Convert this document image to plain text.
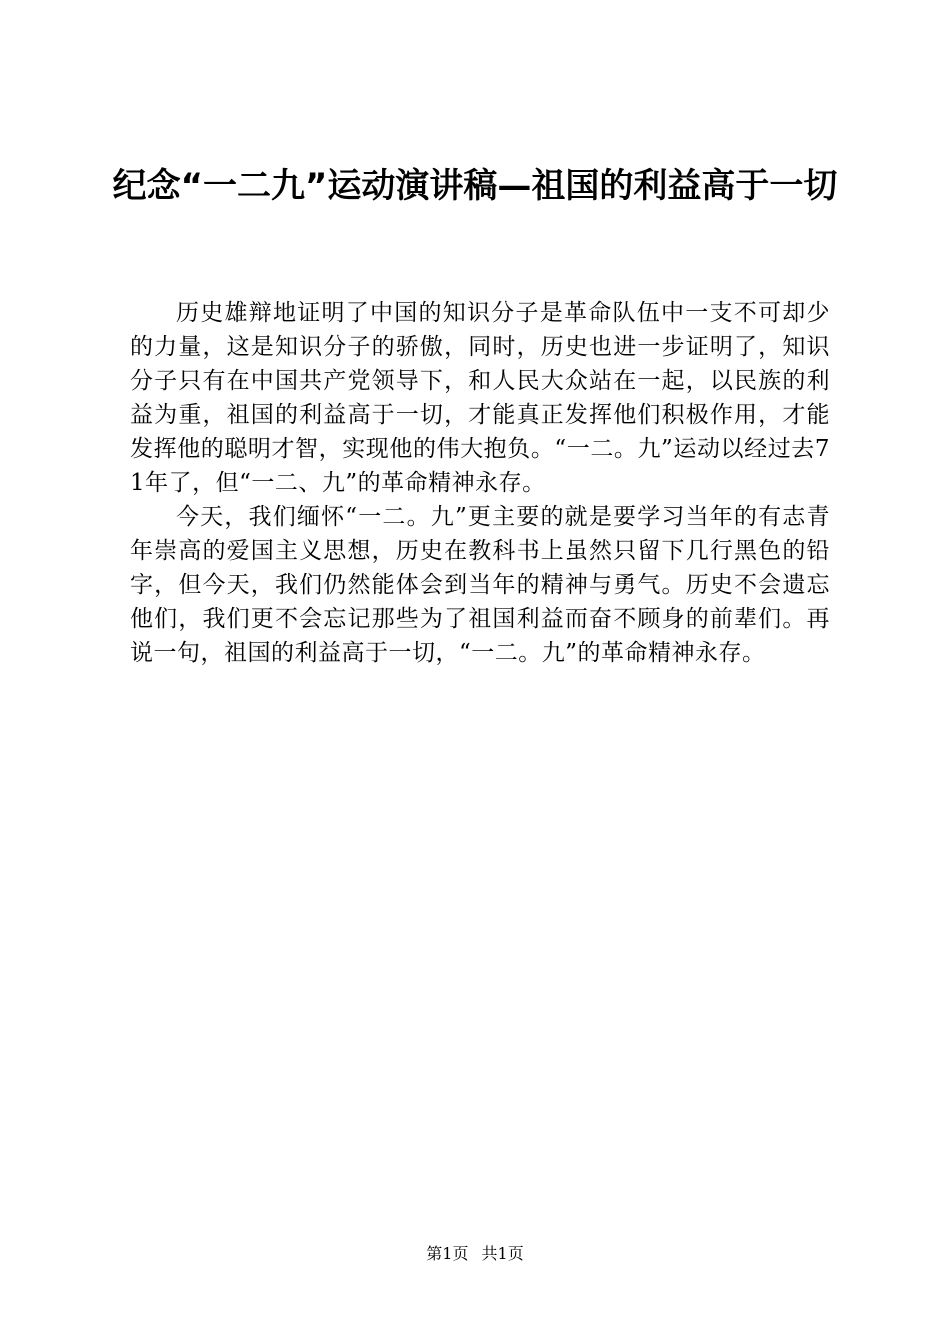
纪念“一二九”运动演讲稿—祖国的利益高于一切

历史雄辩地证明了中国的知识分子是革命队伍中一支不可却少的力量，这是知识分子的骄傲，同时，历史也进一步证明了，知识分子只有在中国共产党领导下，和人民大众站在一起，以民族的利益为重，祖国的利益高于一切，才能真正发挥他们积极作用，才能发挥他的聪明才智，实现他的伟大抱负。“一二。九”运动以经过去71年了，但“一二、九”的革命精神永存。

今天，我们缅怀“一二。九”更主要的就是要学习当年的有志青年崇高的爱国主义思想，历史在教科书上虽然只留下几行黑色的铅字，但今天，我们仍然能体会到当年的精神与勇气。历史不会遗忘他们，我们更不会忘记那些为了祖国利益而奋不顾身的前辈们。再说一句，祖国的利益高于一切，“一二。九”的革命精神永存。

第1页 共1页
